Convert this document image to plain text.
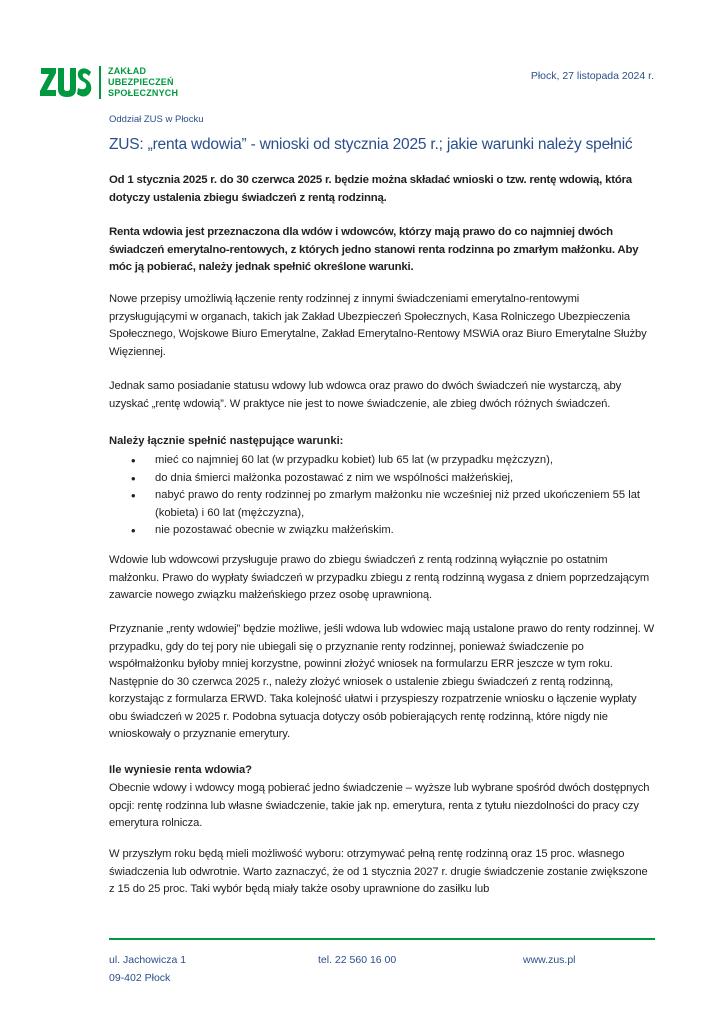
ZAKŁAD
UBEZPIECZEŃ
SPOŁECZNYCH
Płock, 27 listopada 2024 r.
Oddział ZUS w Płocku
ZUS: „renta wdowia” - wnioski od stycznia 2025 r.; jakie warunki należy spełnić
Od 1 stycznia 2025 r. do 30 czerwca 2025 r. będzie można składać wnioski o tzw. rentę wdowią, która dotyczy ustalenia zbiegu świadczeń z rentą rodzinną.
Renta wdowia jest przeznaczona dla wdów i wdowców, którzy mają prawo do co najmniej dwóch świadczeń emerytalno-rentowych, z których jedno stanowi renta rodzinna po zmarłym małżonku. Aby móc ją pobierać, należy jednak spełnić określone warunki.
Nowe przepisy umożliwią łączenie renty rodzinnej z innymi świadczeniami emerytalno-rentowymi przysługującymi w organach, takich jak Zakład Ubezpieczeń Społecznych, Kasa Rolniczego Ubezpieczenia Społecznego, Wojskowe Biuro Emerytalne, Zakład Emerytalno-Rentowy MSWiA oraz Biuro Emerytalne Służby Więziennej.
Jednak samo posiadanie statusu wdowy lub wdowca oraz prawo do dwóch świadczeń nie wystarczą, aby uzyskać „rentę wdowią”. W praktyce nie jest to nowe świadczenie, ale zbieg dwóch różnych świadczeń.
Należy łącznie spełnić następujące warunki:
• mieć co najmniej 60 lat (w przypadku kobiet) lub 65 lat (w przypadku mężczyzn),
• do dnia śmierci małżonka pozostawać z nim we wspólności małżeńskiej,
• nabyć prawo do renty rodzinnej po zmarłym małżonku nie wcześniej niż przed ukończeniem 55 lat (kobieta) i 60 lat (mężczyzna),
• nie pozostawać obecnie w związku małżeńskim.
Wdowie lub wdowcowi przysługuje prawo do zbiegu świadczeń z rentą rodzinną wyłącznie po ostatnim małżonku. Prawo do wypłaty świadczeń w przypadku zbiegu z rentą rodzinną wygasa z dniem poprzedzającym zawarcie nowego związku małżeńskiego przez osobę uprawnioną.
Przyznanie „renty wdowiej” będzie możliwe, jeśli wdowa lub wdowiec mają ustalone prawo do renty rodzinnej. W przypadku, gdy do tej pory nie ubiegali się o przyznanie renty rodzinnej, ponieważ świadczenie po współmałżonku byłoby mniej korzystne, powinni złożyć wniosek na formularzu ERR jeszcze w tym roku. Następnie do 30 czerwca 2025 r., należy złożyć wniosek o ustalenie zbiegu świadczeń z rentą rodzinną, korzystając z formularza ERWD. Taka kolejność ułatwi i przyspieszy rozpatrzenie wniosku o łączenie wypłaty obu świadczeń w 2025 r. Podobna sytuacja dotyczy osób pobierających rentę rodzinną, które nigdy nie wnioskowały o przyznanie emerytury.
Ile wyniesie renta wdowia?
Obecnie wdowy i wdowcy mogą pobierać jedno świadczenie – wyższe lub wybrane spośród dwóch dostępnych opcji: rentę rodzinna lub własne świadczenie, takie jak np. emerytura, renta z tytułu niezdolności do pracy czy emerytura rolnicza.
W przyszłym roku będą mieli możliwość wyboru: otrzymywać pełną rentę rodzinną oraz 15 proc. własnego świadczenia lub odwrotnie. Warto zaznaczyć, że od 1 stycznia 2027 r. drugie świadczenie zostanie zwiększone z 15 do 25 proc. Taki wybór będą miały także osoby uprawnione do zasiłku lub
ul. Jachowicza 1
09-402 Płock
tel. 22 560 16 00	www.zus.pl
